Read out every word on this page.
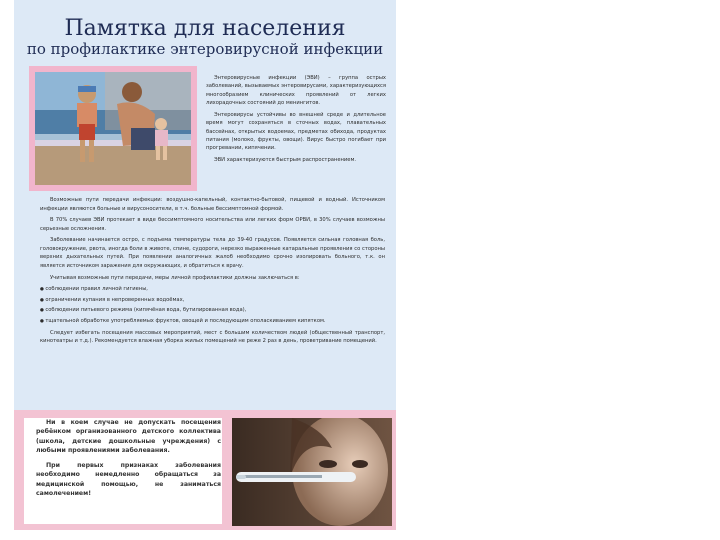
Памятка для населения
по профилактике энтеровирусной инфекции

Энтеровирусные инфекции (ЭВИ) – группа острых заболеваний, вызываемых энтеровирусами, характеризующихся многообразием клинических проявлений от легких лихорадочных состояний до менингитов.

Энтеровирусы устойчивы во внешней среде и длительное время могут сохраняться в сточных водах, плавательных бассейнах, открытых водоемах, предметах обихода, продуктах питания (молоко, фрукты, овощи). Вирус быстро погибает при прогревании, кипячении.

ЭВИ характеризуются быстрым распространением.

Возможные пути передачи инфекции: воздушно-капельный, контактно-бытовой, пищевой и водный. Источником инфекции являются больные и вирусоносители, в т.ч. больные бессимптомной формой.

В 70% случаев ЭВИ протекает в виде бессимптомного носительства или легких форм ОРВИ, в 30% случаев возможны серьезные осложнения.

Заболевание начинается остро, с подъема температуры тела до 39-40 градусов. Появляется сильная головная боль, головокружение, рвота, иногда боли в животе, спине, судороги, нерезко выраженные катаральные проявления со стороны верхних дыхательных путей. При появлении аналогичных жалоб необходимо срочно изолировать больного, т.к. он является источником заражения для окружающих, и обратиться к врачу.

Учитывая возможные пути передачи, меры личной профилактики должны заключаться в:

● соблюдении правил личной гигиены,
● ограничении купания в непроверенных водоёмах,
● соблюдении питьевого режима (кипячёная вода, бутилированная вода),
● тщательной обработке употребляемых фруктов, овощей и последующим ополаскиванием кипятком.

Следует избегать посещения массовых мероприятий, мест с большим количеством людей (общественный транспорт, кинотеатры и т.д.). Рекомендуется влажная уборка жилых помещений не реже 2 раз в день, проветривание помещений.

Ни в коем случае не допускать посещения ребёнком организованного детского коллектива (школа, детские дошкольные учреждения) с любыми проявлениями заболевания.

При первых признаках заболевания необходимо немедленно обращаться за медицинской помощью, не заниматься самолечением!
